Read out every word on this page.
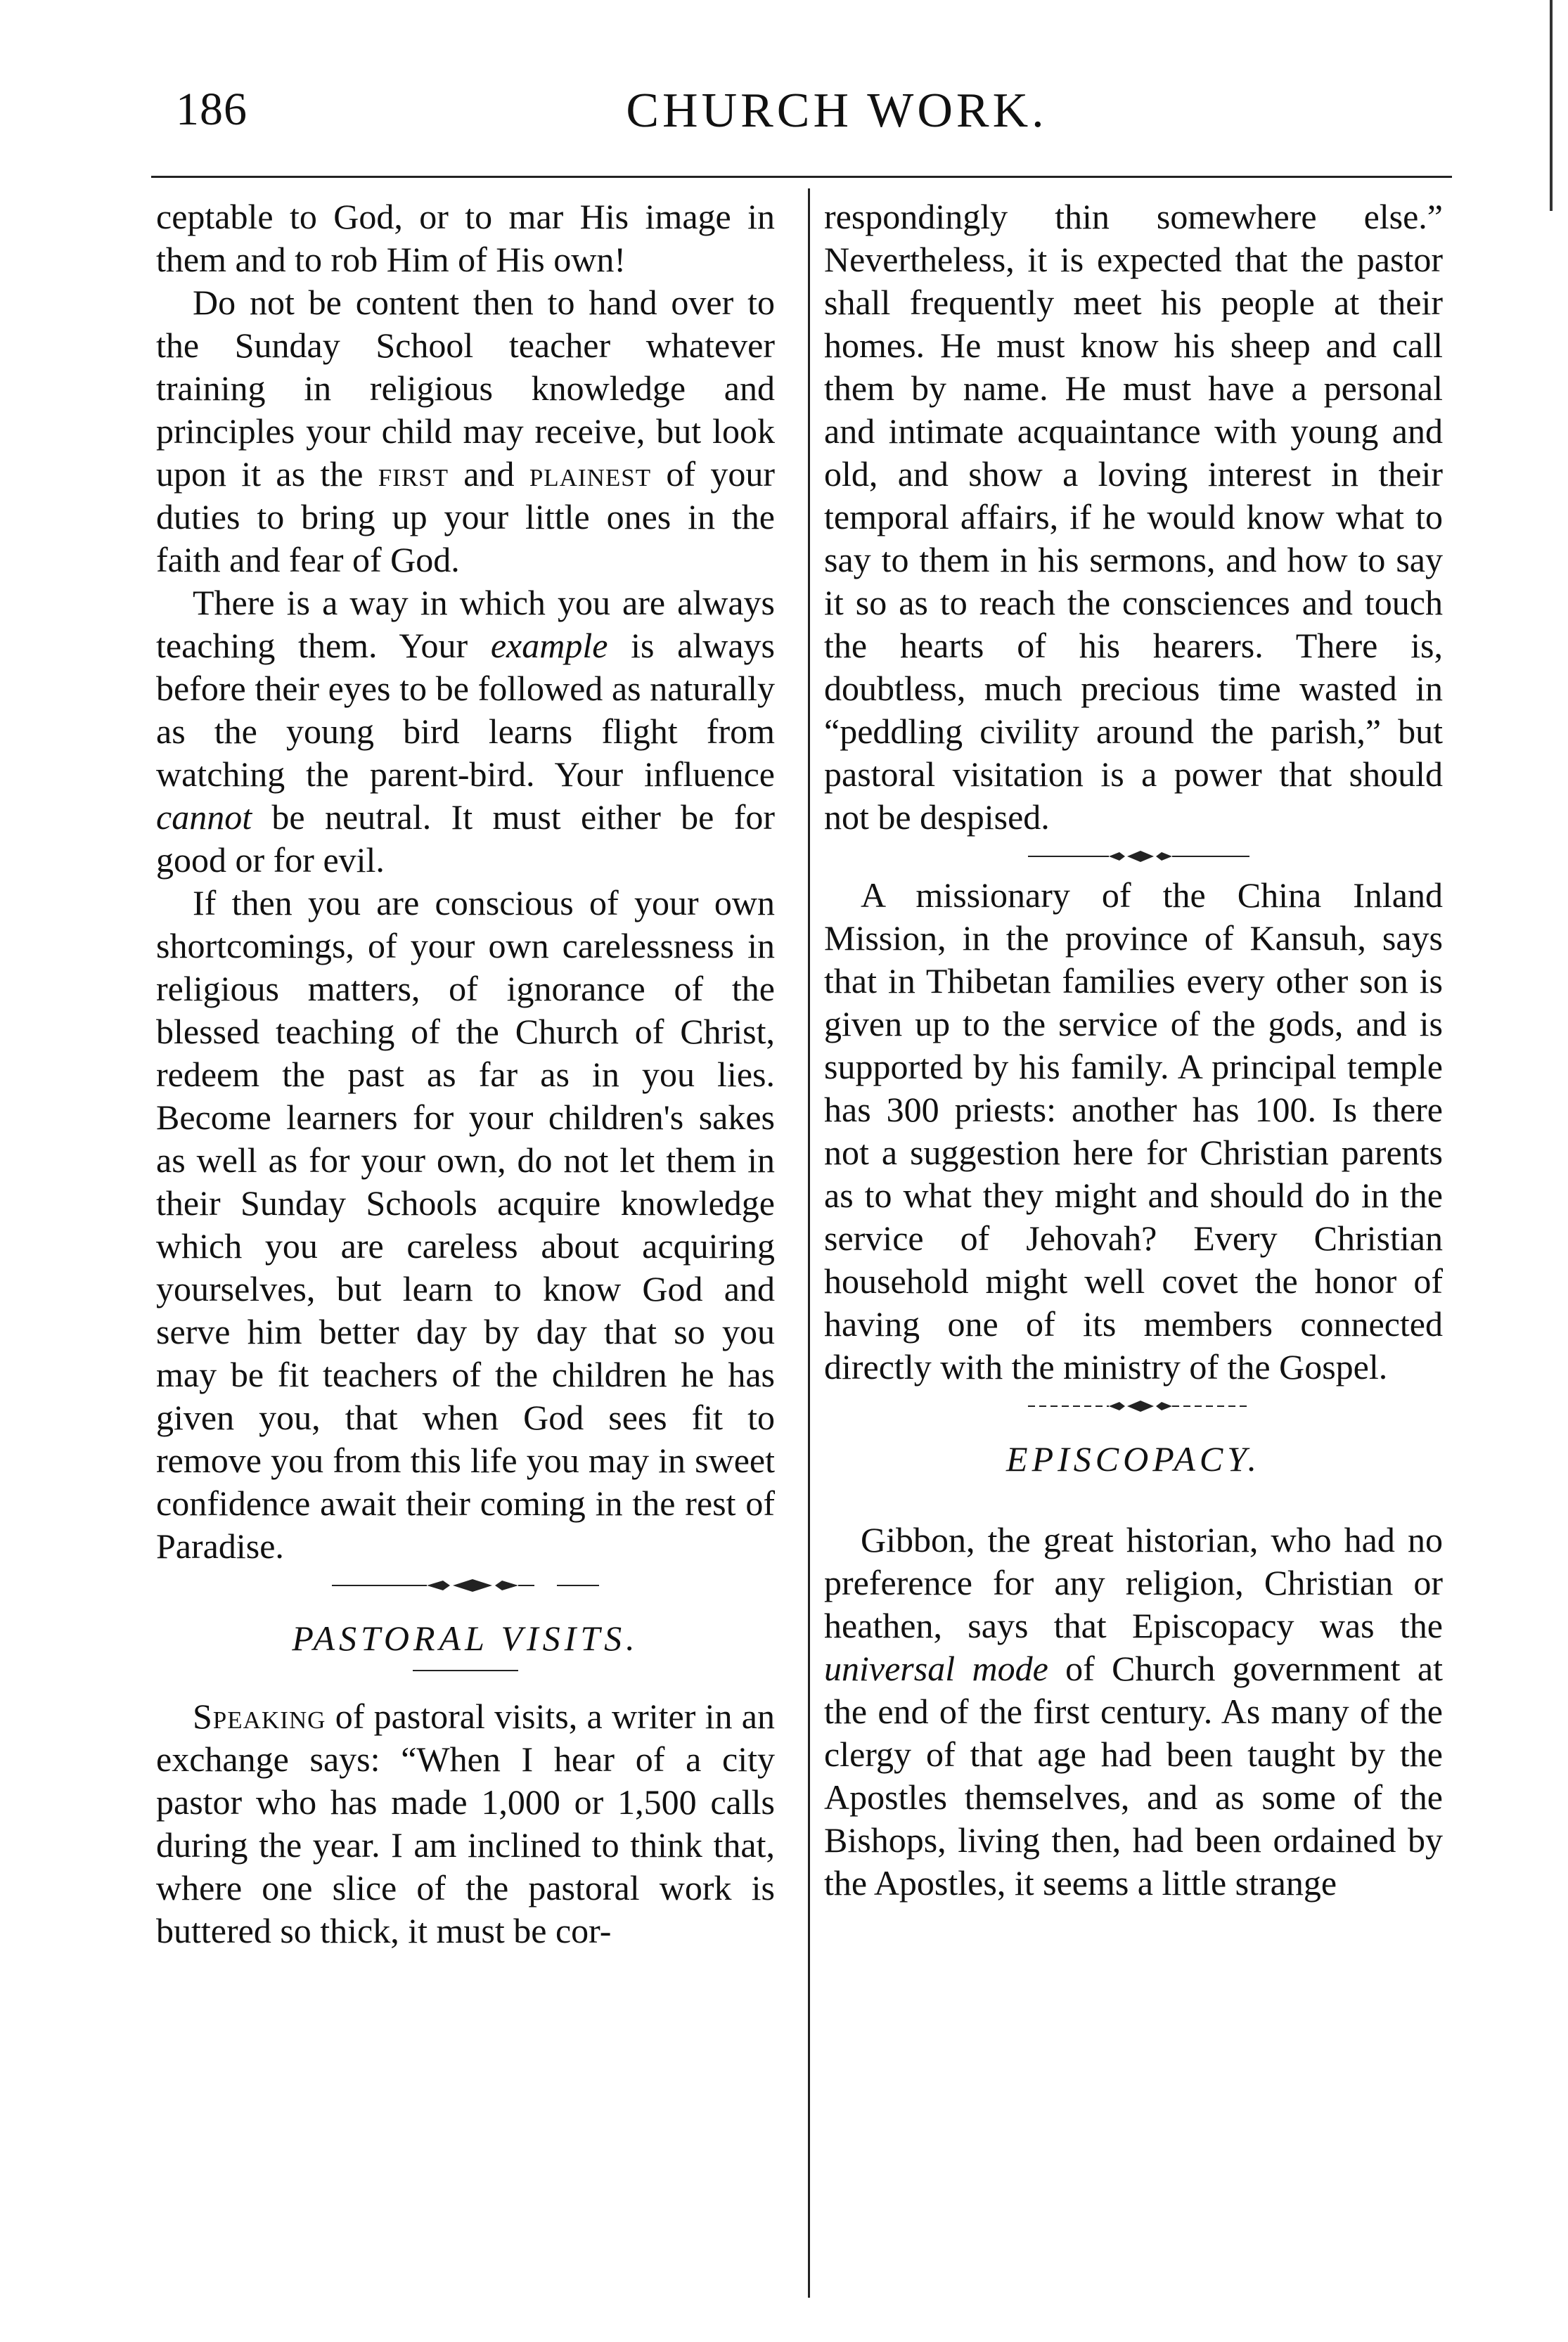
186	CHURCH WORK.

ceptable to God, or to mar His image in them and to rob Him of His own!

Do not be content then to hand over to the Sunday School teacher whatever training in religious knowledge and principles your child may receive, but look upon it as the first and plainest of your duties to bring up your little ones in the faith and fear of God.

There is a way in which you are always teaching them. Your example is always before their eyes to be followed as naturally as the young bird learns flight from watching the parent-bird. Your influence cannot be neutral. It must either be for good or for evil.

If then you are conscious of your own shortcomings, of your own carelessness in religious matters, of ignorance of the blessed teaching of the Church of Christ, redeem the past as far as in you lies. Become learners for your children's sakes as well as for your own, do not let them in their Sunday Schools acquire knowledge which you are careless about acquiring yourselves, but learn to know God and serve him better day by day that so you may be fit teachers of the children he has given you, that when God sees fit to remove you from this life you may in sweet confidence await their coming in the rest of Paradise.

PASTORAL VISITS.

Speaking of pastoral visits, a writer in an exchange says: “When I hear of a city pastor who has made 1,000 or 1,500 calls during the year. I am inclined to think that, where one slice of the pastoral work is buttered so thick, it must be cor-

respondingly thin somewhere else.” Nevertheless, it is expected that the pastor shall frequently meet his people at their homes. He must know his sheep and call them by name. He must have a personal and intimate acquaintance with young and old, and show a loving interest in their temporal affairs, if he would know what to say to them in his sermons, and how to say it so as to reach the consciences and touch the hearts of his hearers. There is, doubtless, much precious time wasted in “peddling civility around the parish,” but pastoral visitation is a power that should not be despised.

A missionary of the China Inland Mission, in the province of Kansuh, says that in Thibetan families every other son is given up to the service of the gods, and is supported by his family. A principal temple has 300 priests: another has 100. Is there not a suggestion here for Christian parents as to what they might and should do in the service of Jehovah? Every Christian household might well covet the honor of having one of its members connected directly with the ministry of the Gospel.

EPISCOPACY.

Gibbon, the great historian, who had no preference for any religion, Christian or heathen, says that Episcopacy was the universal mode of Church government at the end of the first century. As many of the clergy of that age had been taught by the Apostles themselves, and as some of the Bishops, living then, had been ordained by the Apostles, it seems a little strange
